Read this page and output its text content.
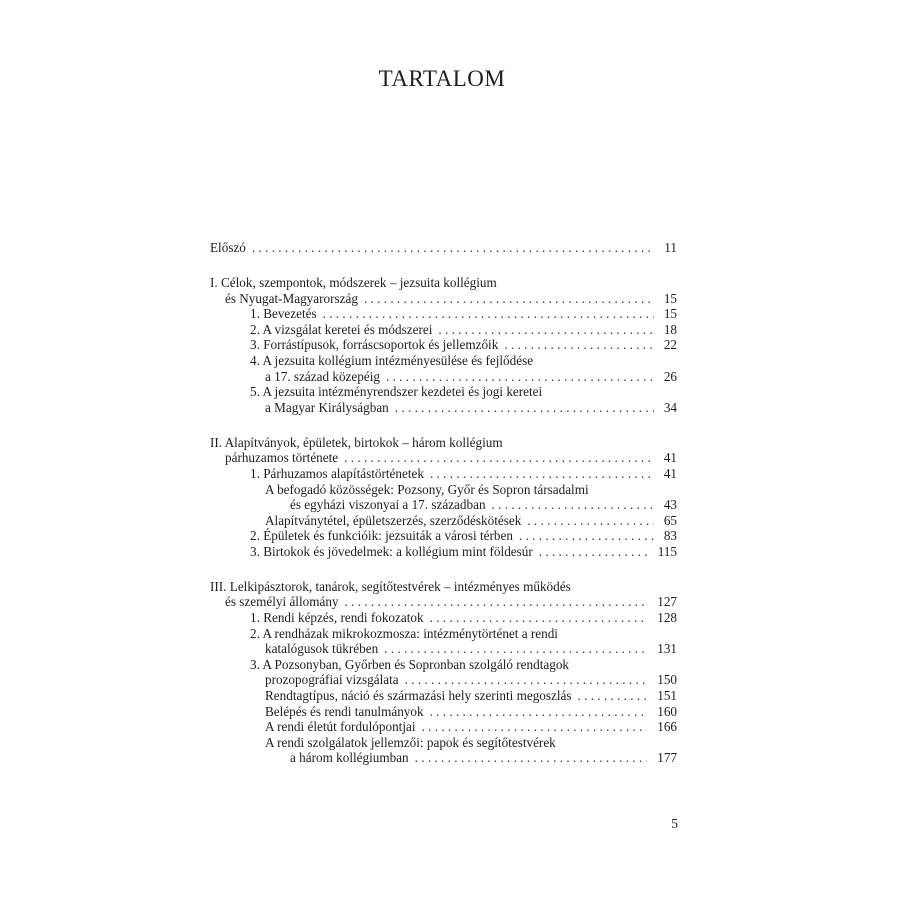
TARTALOM
Előszó . . .	11
I. Célok, szempontok, módszerek – jezsuita kollégium
és Nyugat-Magyarország . . .	15
1. Bevezetés . . .	15
2. A vizsgálat keretei és módszerei . . .	18
3. Forrástípusok, forráscsoportok és jellemzőik . . .	22
4. A jezsuita kollégium intézményesülése és fejlődése
a 17. század közepéig . . .	26
5. A jezsuita intézményrendszer kezdetei és jogi keretei
a Magyar Királyságban . . .	34
II. Alapítványok, épületek, birtokok – három kollégium
párhuzamos története . . .	41
1. Párhuzamos alapítástörténetek . . .	41
A befogadó közösségek: Pozsony, Győr és Sopron társadalmi
és egyházi viszonyai a 17. században . . .	43
Alapítványtétel, épületszerzés, szerződéskötések . . .	65
2. Épületek és funkcióik: jezsuiták a városi térben . . .	83
3. Birtokok és jövedelmek: a kollégium mint földesúr . . .	115
III. Lelkipásztorok, tanárok, segítőtestvérek – intézményes működés
és személyi állomány . . .	127
1. Rendi képzés, rendi fokozatok . . .	128
2. A rendházak mikrokozmosza: intézménytörténet a rendi
katalógusok tükrében . . .	131
3. A Pozsonyban, Győrben és Sopronban szolgáló rendtagok
prozopográfiai vizsgálata . . .	150
Rendtagtípus, náció és származási hely szerinti megoszlás . . .	151
Belépés és rendi tanulmányok . . .	160
A rendi életút fordulópontjai . . .	166
A rendi szolgálatok jellemzői: papok és segítőtestvérek
a három kollégiumban . . .	177
5
